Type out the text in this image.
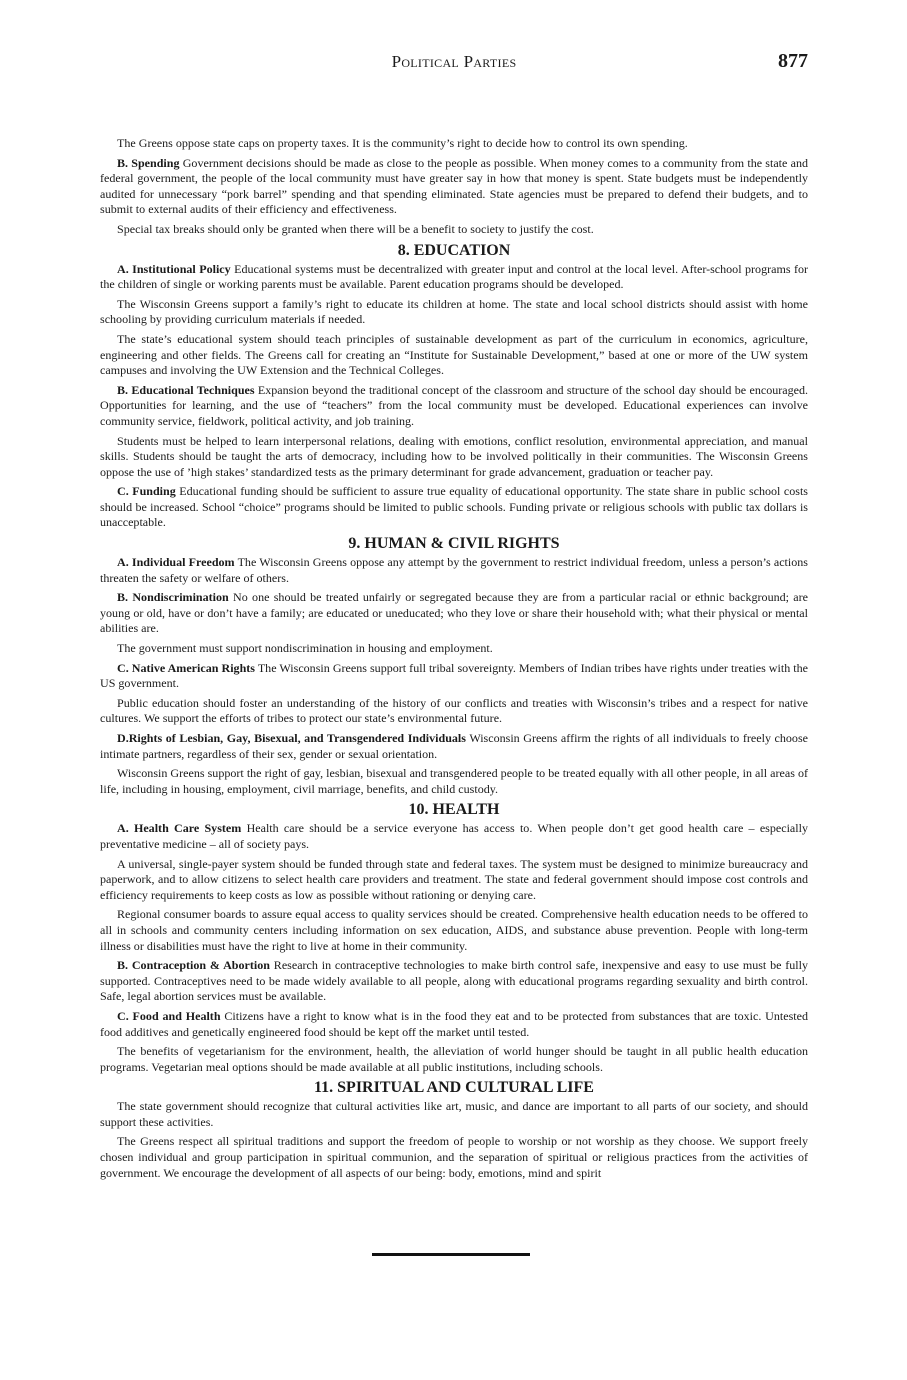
Political Parties	877

The Greens oppose state caps on property taxes. It is the community’s right to decide how to control its own spending.

B. Spending Government decisions should be made as close to the people as possible. When money comes to a community from the state and federal government, the people of the local community must have greater say in how that money is spent. State budgets must be independently audited for unnecessary “pork barrel” spending and that spending eliminated. State agencies must be prepared to defend their budgets, and to submit to external audits of their efficiency and effectiveness.

Special tax breaks should only be granted when there will be a benefit to society to justify the cost.

8. EDUCATION

A. Institutional Policy Educational systems must be decentralized with greater input and control at the local level. After-school programs for the children of single or working parents must be available. Parent education programs should be developed.

The Wisconsin Greens support a family’s right to educate its children at home. The state and local school districts should assist with home schooling by providing curriculum materials if needed.

The state’s educational system should teach principles of sustainable development as part of the curriculum in economics, agriculture, engineering and other fields. The Greens call for creating an “Institute for Sustainable Development,” based at one or more of the UW system campuses and involving the UW Extension and the Technical Colleges.

B. Educational Techniques Expansion beyond the traditional concept of the classroom and structure of the school day should be encouraged. Opportunities for learning, and the use of “teachers” from the local community must be developed. Educational experiences can involve community service, fieldwork, political activity, and job training.

Students must be helped to learn interpersonal relations, dealing with emotions, conflict resolution, environmental appreciation, and manual skills. Students should be taught the arts of democracy, including how to be involved politically in their communities. The Wisconsin Greens oppose the use of ’high stakes’ standardized tests as the primary determinant for grade advancement, graduation or teacher pay.

C. Funding Educational funding should be sufficient to assure true equality of educational opportunity. The state share in public school costs should be increased. School “choice” programs should be limited to public schools. Funding private or religious schools with public tax dollars is unacceptable.

9. HUMAN & CIVIL RIGHTS

A. Individual Freedom The Wisconsin Greens oppose any attempt by the government to restrict individual freedom, unless a person’s actions threaten the safety or welfare of others.

B. Nondiscrimination No one should be treated unfairly or segregated because they are from a particular racial or ethnic background; are young or old, have or don’t have a family; are educated or uneducated; who they love or share their household with; what their physical or mental abilities are.

The government must support nondiscrimination in housing and employment.

C. Native American Rights The Wisconsin Greens support full tribal sovereignty. Members of Indian tribes have rights under treaties with the US government.

Public education should foster an understanding of the history of our conflicts and treaties with Wisconsin’s tribes and a respect for native cultures. We support the efforts of tribes to protect our state’s environmental future.

D.Rights of Lesbian, Gay, Bisexual, and Transgendered Individuals Wisconsin Greens affirm the rights of all individuals to freely choose intimate partners, regardless of their sex, gender or sexual orientation.

Wisconsin Greens support the right of gay, lesbian, bisexual and transgendered people to be treated equally with all other people, in all areas of life, including in housing, employment, civil marriage, benefits, and child custody.

10. HEALTH

A. Health Care System Health care should be a service everyone has access to. When people don’t get good health care – especially preventative medicine – all of society pays.

A universal, single-payer system should be funded through state and federal taxes. The system must be designed to minimize bureaucracy and paperwork, and to allow citizens to select health care providers and treatment. The state and federal government should impose cost controls and efficiency requirements to keep costs as low as possible without rationing or denying care.

Regional consumer boards to assure equal access to quality services should be created. Comprehensive health education needs to be offered to all in schools and community centers including information on sex education, AIDS, and substance abuse prevention. People with long-term illness or disabilities must have the right to live at home in their community.

B. Contraception & Abortion Research in contraceptive technologies to make birth control safe, inexpensive and easy to use must be fully supported. Contraceptives need to be made widely available to all people, along with educational programs regarding sexuality and birth control. Safe, legal abortion services must be available.

C. Food and Health Citizens have a right to know what is in the food they eat and to be protected from substances that are toxic. Untested food additives and genetically engineered food should be kept off the market until tested.

The benefits of vegetarianism for the environment, health, the alleviation of world hunger should be taught in all public health education programs. Vegetarian meal options should be made available at all public institutions, including schools.

11. SPIRITUAL AND CULTURAL LIFE

The state government should recognize that cultural activities like art, music, and dance are important to all parts of our society, and should support these activities.

The Greens respect all spiritual traditions and support the freedom of people to worship or not worship as they choose. We support freely chosen individual and group participation in spiritual communion, and the separation of spiritual or religious practices from the activities of government. We encourage the development of all aspects of our being: body, emotions, mind and spirit
